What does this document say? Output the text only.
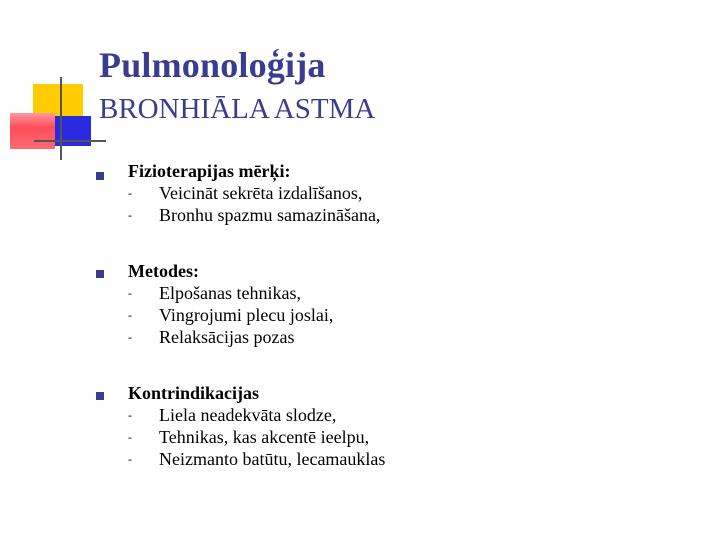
Pulmonoloģija
BRONHIĀLA ASTMA
Fizioterapijas mērķi:
- Veicināt sekrēta izdalīšanos,
- Bronhu spazmu samazināšana,
Metodes:
- Elpošanas tehnikas,
- Vingrojumi plecu joslai,
- Relaksācijas pozas
Kontrindikacijas
- Liela neadekvāta slodze,
- Tehnikas, kas akcentē ieelpu,
- Neizmanto batūtu, lecamauklas
